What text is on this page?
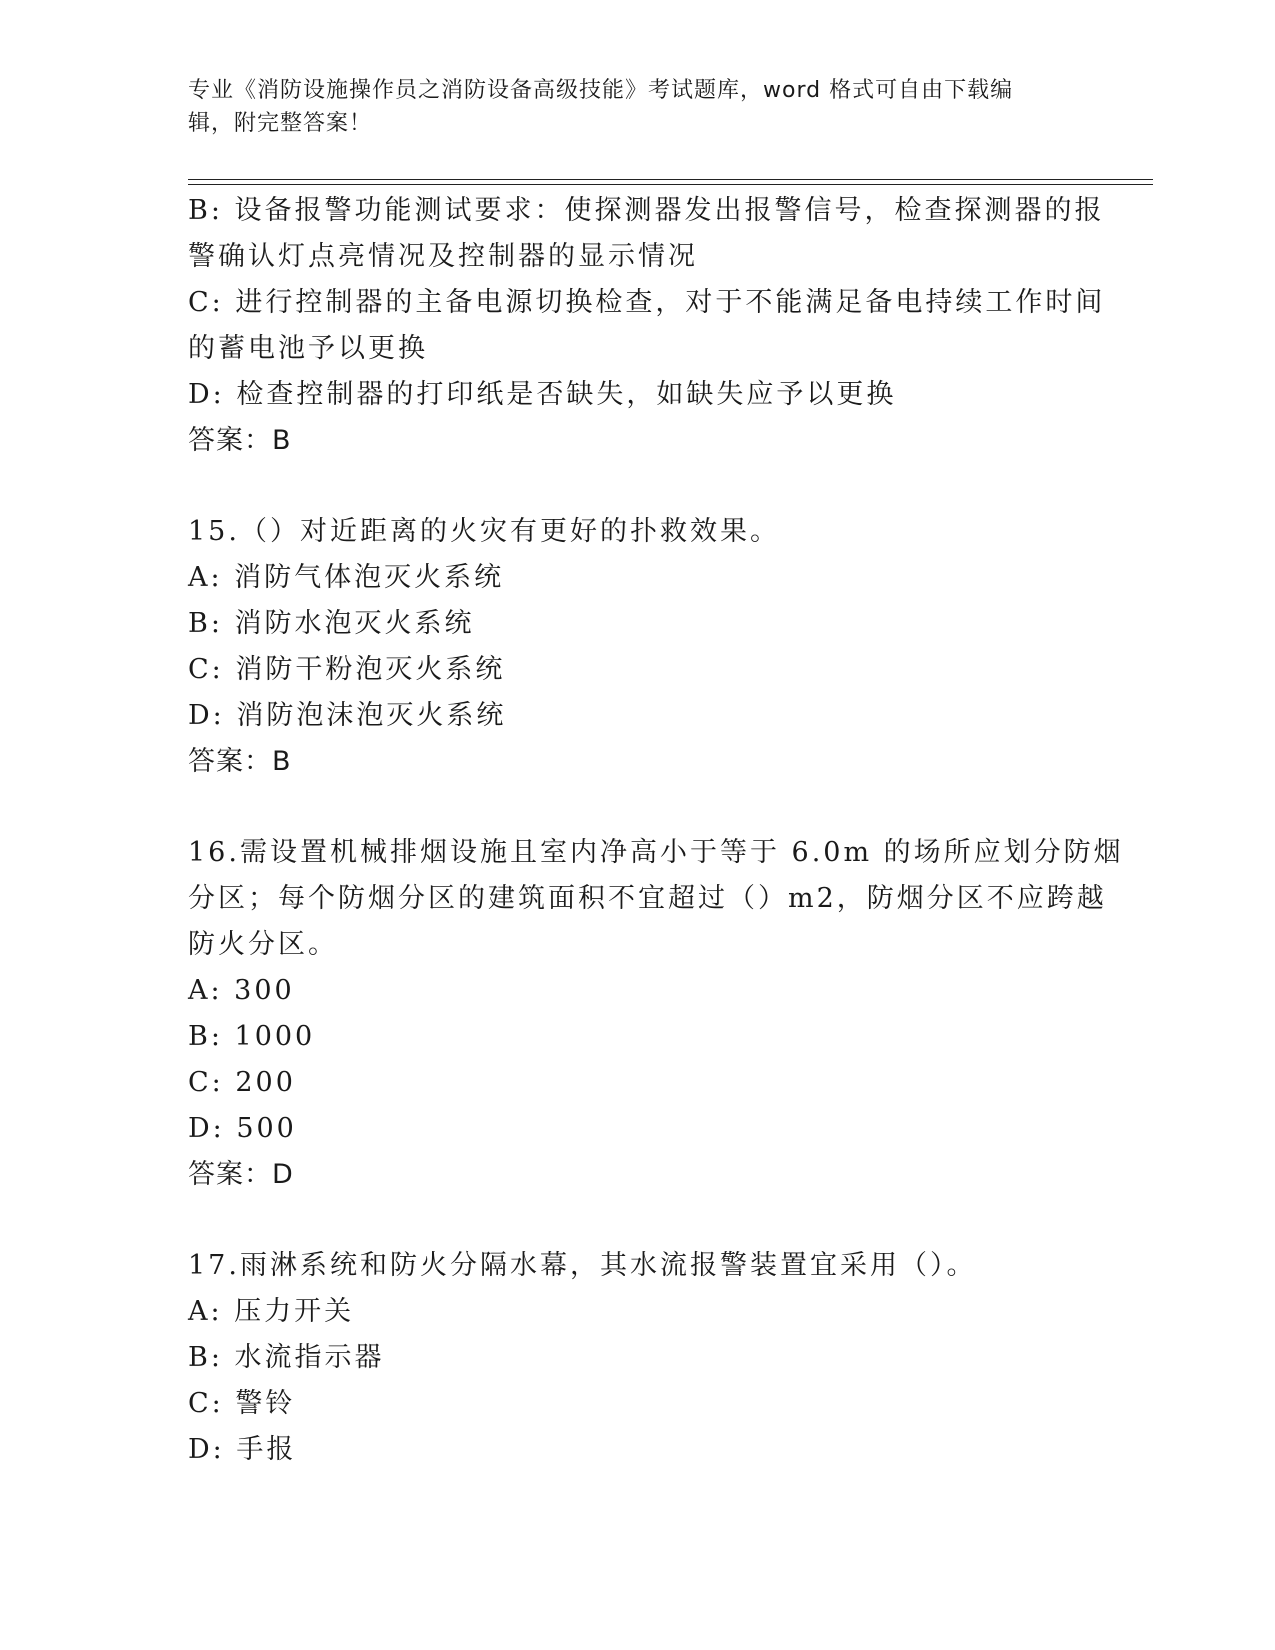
专业《消防设施操作员之消防设备高级技能》考试题库，word 格式可自由下载编
辑，附完整答案！
B: 设备报警功能测试要求：使探测器发出报警信号，检查探测器的报
警确认灯点亮情况及控制器的显示情况
C: 进行控制器的主备电源切换检查，对于不能满足备电持续工作时间
的蓄电池予以更换
D: 检查控制器的打印纸是否缺失，如缺失应予以更换
答案：B
15.（）对近距离的火灾有更好的扑救效果。
A: 消防气体泡灭火系统
B: 消防水泡灭火系统
C: 消防干粉泡灭火系统
D: 消防泡沫泡灭火系统
答案：B
16.需设置机械排烟设施且室内净高小于等于 6.0m 的场所应划分防烟
分区；每个防烟分区的建筑面积不宜超过（）m2，防烟分区不应跨越
防火分区。
A: 300
B: 1000
C: 200
D: 500
答案：D
17.雨淋系统和防火分隔水幕，其水流报警装置宜采用（）。
A: 压力开关
B: 水流指示器
C: 警铃
D: 手报
